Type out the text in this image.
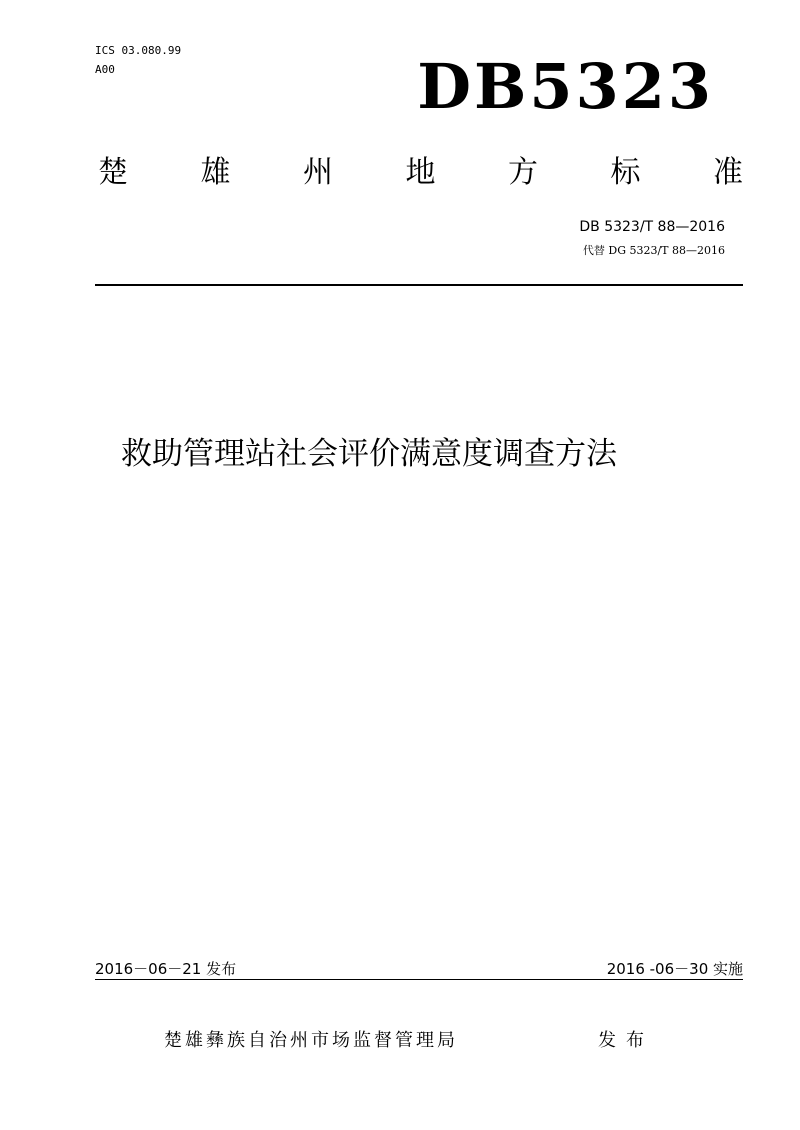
ICS 03.080.99
A00	DB5323
楚 雄 州 地 方 标 准
DB 5323/T 88—2016
代替 DG 5323/T 88—2016
救助管理站社会评价满意度调查方法
2016－06－21 发布	2016 -06－30 实施
楚雄彝族自治州市场监督管理局	发布
